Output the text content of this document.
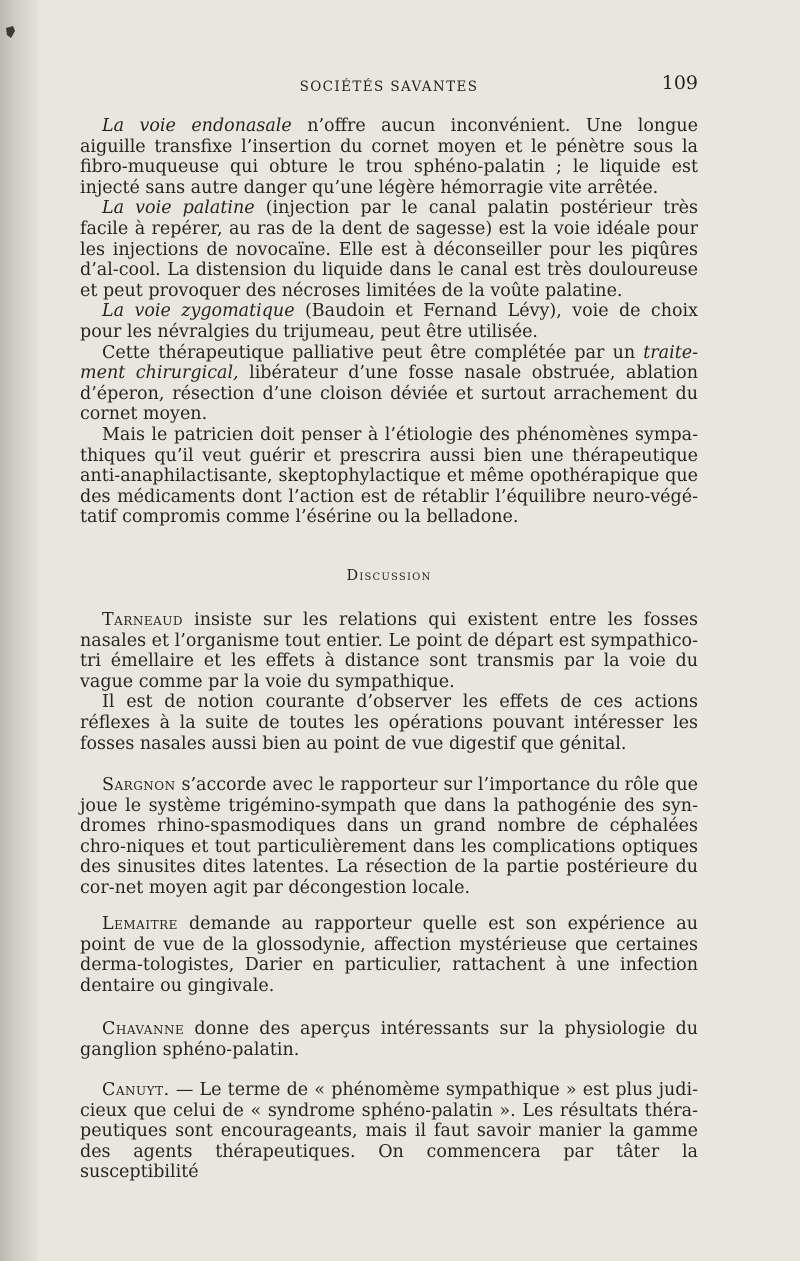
SOCIÉTÉS SAVANTES	109

La voie endonasale n’offre aucun inconvénient. Une longue aiguille transfixe l’insertion du cornet moyen et le pénètre sous la fibro-muqueuse qui obture le trou sphéno-palatin ; le liquide est injecté sans autre danger qu’une légère hémorragie vite arrêtée.

La voie palatine (injection par le canal palatin postérieur très facile à repérer, au ras de la dent de sagesse) est la voie idéale pour les injections de novocaïne. Elle est à déconseiller pour les piqûres d’al-cool. La distension du liquide dans le canal est très douloureuse et peut provoquer des nécroses limitées de la voûte palatine.

La voie zygomatique (Baudoin et Fernand Lévy), voie de choix pour les névralgies du trijumeau, peut être utilisée.

Cette thérapeutique palliative peut être complétée par un traite-ment chirurgical, libérateur d’une fosse nasale obstruée, ablation d’éperon, résection d’une cloison déviée et surtout arrachement du cornet moyen.

Mais le patricien doit penser à l’étiologie des phénomènes sympa-thiques qu’il veut guérir et prescrira aussi bien une thérapeutique anti-anaphilactisante, skeptophylactique et même opothérapique que des médicaments dont l’action est de rétablir l’équilibre neuro-végé-tatif compromis comme l’ésérine ou la belladone.

Discussion

Tarneaud insiste sur les relations qui existent entre les fosses nasales et l’organisme tout entier. Le point de départ est sympathico-tri émellaire et les effets à distance sont transmis par la voie du vague comme par la voie du sympathique.

Il est de notion courante d’observer les effets de ces actions réflexes à la suite de toutes les opérations pouvant intéresser les fosses nasales aussi bien au point de vue digestif que génital.

Sargnon s’accorde avec le rapporteur sur l’importance du rôle que joue le système trigémino-sympath que dans la pathogénie des syn-dromes rhino-spasmodiques dans un grand nombre de céphalées chro-niques et tout particulièrement dans les complications optiques des sinusites dites latentes. La résection de la partie postérieure du cor-net moyen agit par décongestion locale.

Lemaitre demande au rapporteur quelle est son expérience au point de vue de la glossodynie, affection mystérieuse que certaines derma-tologistes, Darier en particulier, rattachent à une infection dentaire ou gingivale.

Chavanne donne des aperçus intéressants sur la physiologie du ganglion sphéno-palatin.

Canuyt. — Le terme de « phénomème sympathique » est plus judi-cieux que celui de « syndrome sphéno-palatin ». Les résultats théra-peutiques sont encourageants, mais il faut savoir manier la gamme des agents thérapeutiques. On commencera par tâter la susceptibilité
